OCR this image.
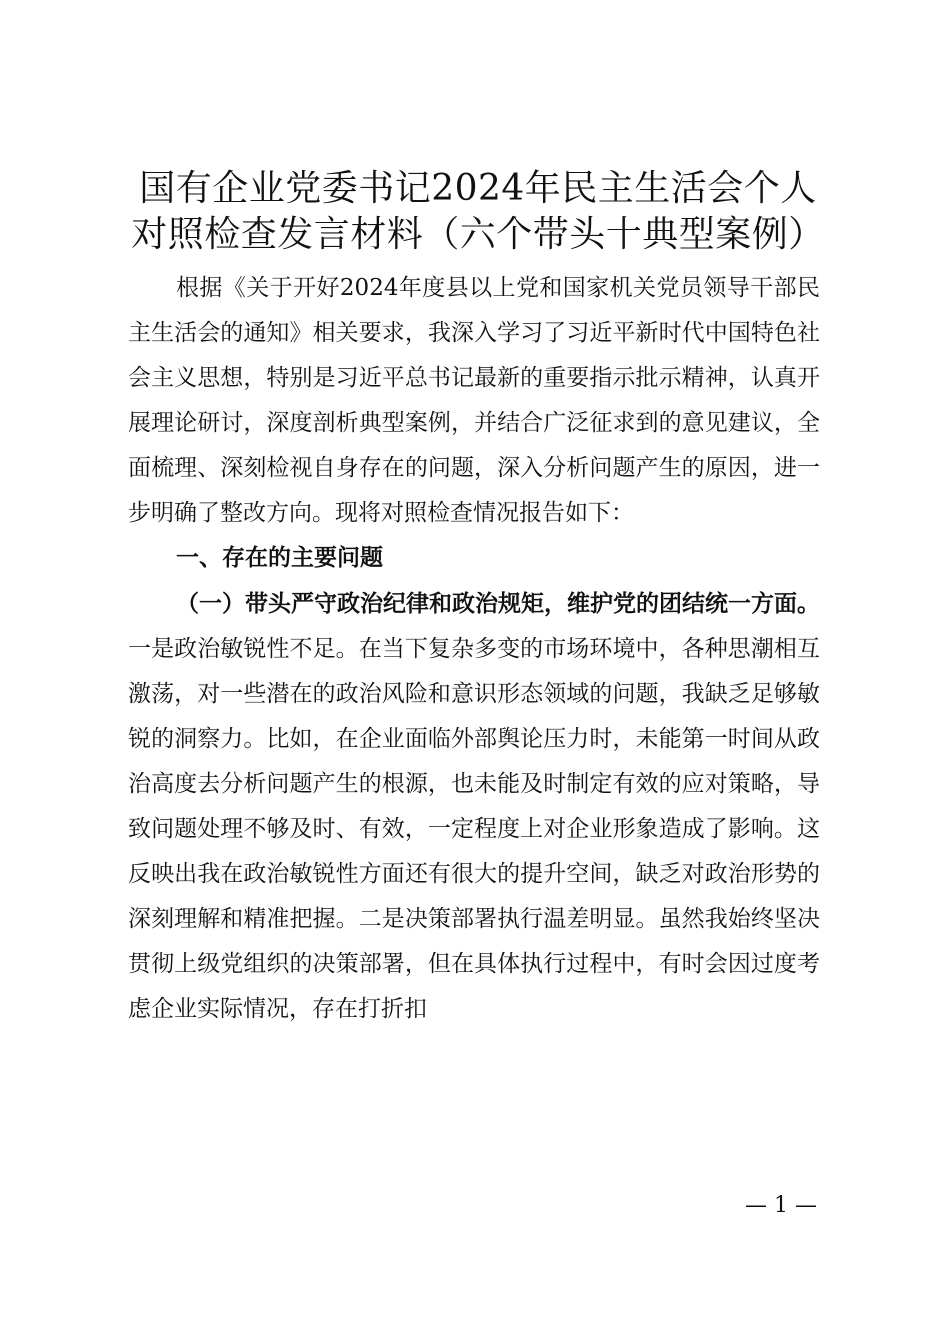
国有企业党委书记2024年民主生活会个人对照检查发言材料（六个带头十典型案例）

根据《关于开好2024年度县以上党和国家机关党员领导干部民主生活会的通知》相关要求，我深入学习了习近平新时代中国特色社会主义思想，特别是习近平总书记最新的重要指示批示精神，认真开展理论研讨，深度剖析典型案例，并结合广泛征求到的意见建议，全面梳理、深刻检视自身存在的问题，深入分析问题产生的原因，进一步明确了整改方向。现将对照检查情况报告如下：

一、存在的主要问题

（一）带头严守政治纪律和政治规矩，维护党的团结统一方面。一是政治敏锐性不足。在当下复杂多变的市场环境中，各种思潮相互激荡，对一些潜在的政治风险和意识形态领域的问题，我缺乏足够敏锐的洞察力。比如，在企业面临外部舆论压力时，未能第一时间从政治高度去分析问题产生的根源，也未能及时制定有效的应对策略，导致问题处理不够及时、有效，一定程度上对企业形象造成了影响。这反映出我在政治敏锐性方面还有很大的提升空间，缺乏对政治形势的深刻理解和精准把握。二是决策部署执行温差明显。虽然我始终坚决贯彻上级党组织的决策部署，但在具体执行过程中，有时会因过度考虑企业实际情况，存在打折扣

— 1 —
